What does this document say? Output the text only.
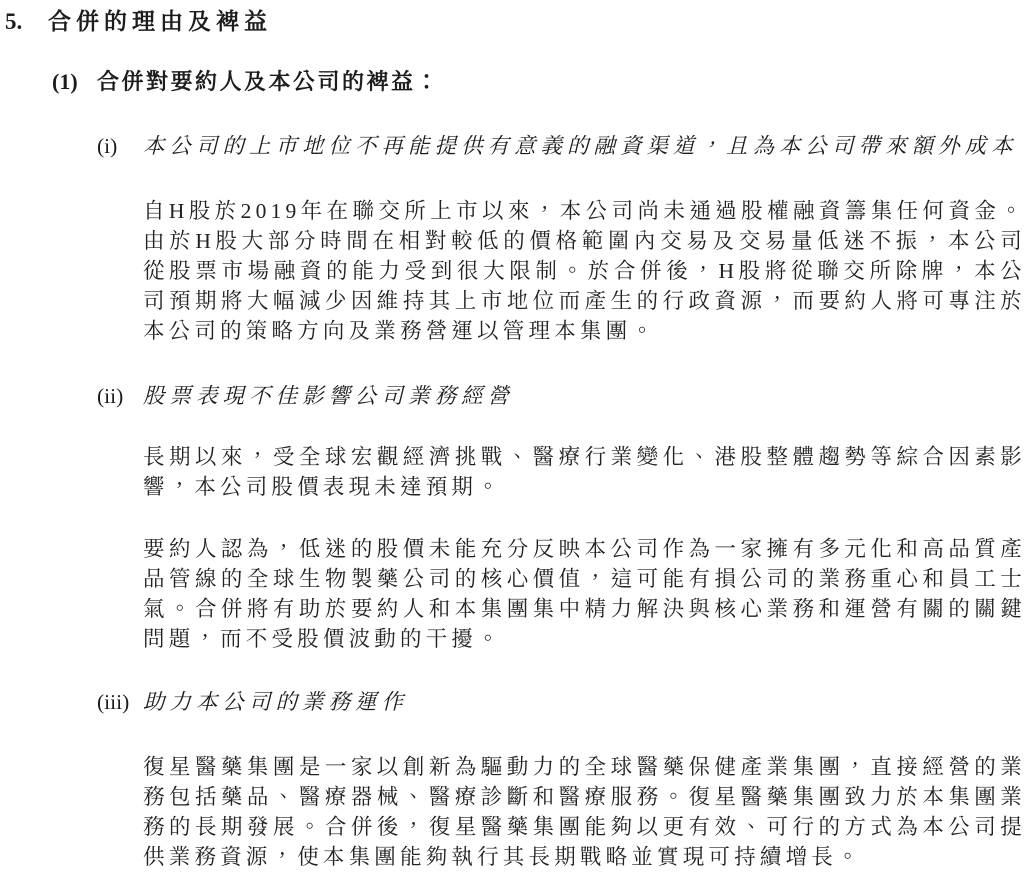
5.	合併的理由及裨益
(1) 合併對要約人及本公司的裨益：
(i)	本公司的上市地位不再能提供有意義的融資渠道，且為本公司帶來額外成本

自H股於2019年在聯交所上市以來，本公司尚未通過股權融資籌集任何資金。由於H股大部分時間在相對較低的價格範圍內交易及交易量低迷不振，本公司從股票市場融資的能力受到很大限制。於合併後，H股將從聯交所除牌，本公司預期將大幅減少因維持其上市地位而產生的行政資源，而要約人將可專注於本公司的策略方向及業務營運以管理本集團。

(ii) 股票表現不佳影響公司業務經營

長期以來，受全球宏觀經濟挑戰、醫療行業變化、港股整體趨勢等綜合因素影響，本公司股價表現未達預期。

要約人認為，低迷的股價未能充分反映本公司作為一家擁有多元化和高品質產品管線的全球生物製藥公司的核心價值，這可能有損公司的業務重心和員工士氣。合併將有助於要約人和本集團集中精力解決與核心業務和運營有關的關鍵問題，而不受股價波動的干擾。

(iii) 助力本公司的業務運作

復星醫藥集團是一家以創新為驅動力的全球醫藥保健產業集團，直接經營的業務包括藥品、醫療器械、醫療診斷和醫療服務。復星醫藥集團致力於本集團業務的長期發展。合併後，復星醫藥集團能夠以更有效、可行的方式為本公司提供業務資源，使本集團能夠執行其長期戰略並實現可持續增長。
